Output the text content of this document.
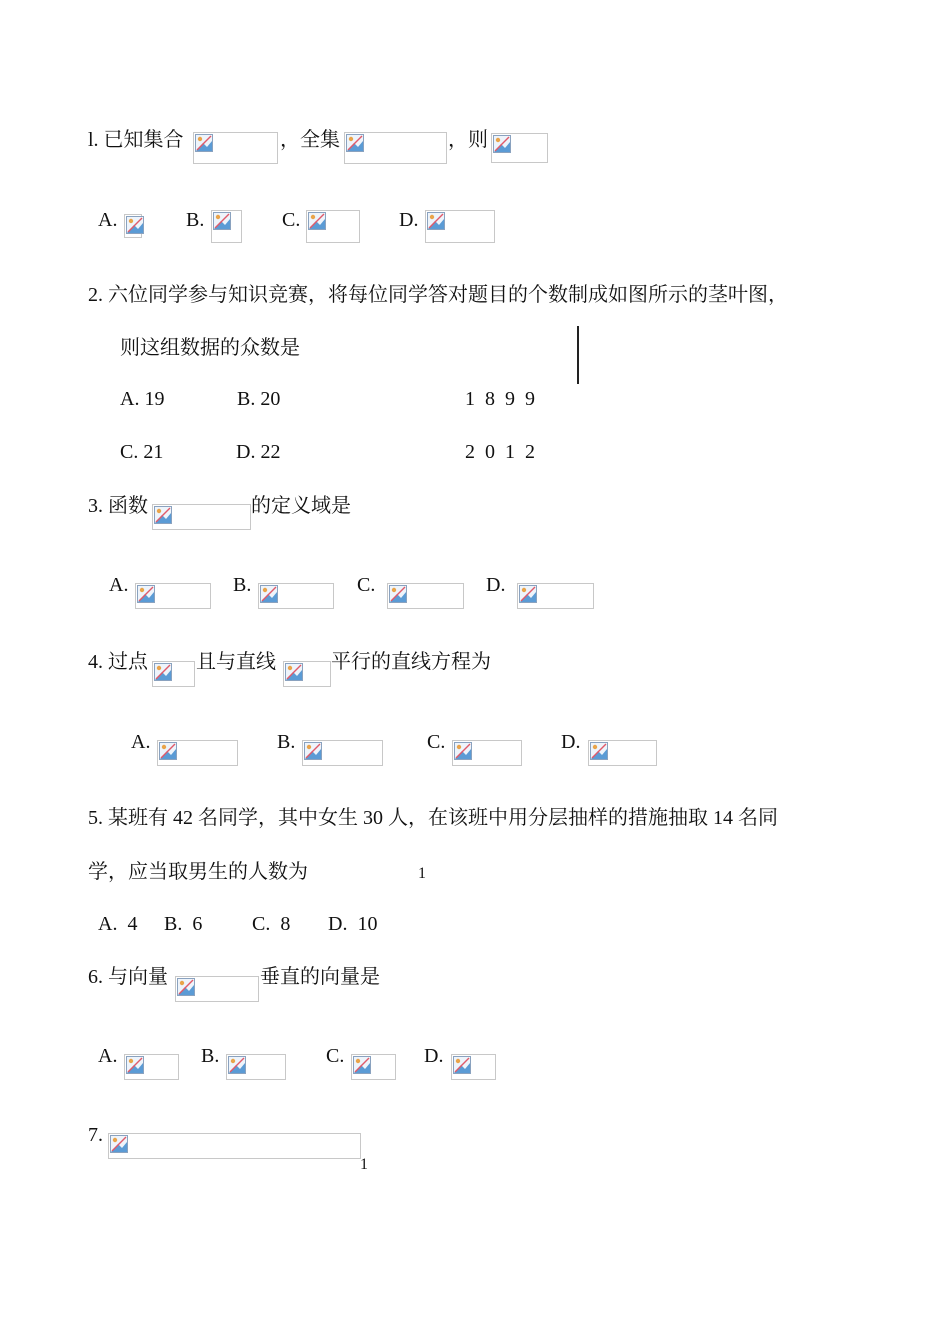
l. 已知集合	，全集	，则
A.	B.	C.	D.
2. 六位同学参与知识竞赛，将每位同学答对题目的个数制成如图所示的茎叶图，
则这组数据的众数是
A. 19	B. 20	1  8  9  9
C. 21	D. 22	2  0  1  2
3. 函数	的定义域是
A.	B.	C.	D.
4. 过点 且与直线	平行的直线方程为
A.	B.	C.	D.
5. 某班有 42 名同学，其中女生 30 人，在该班中用分层抽样的措施抽取 14 名同
学，应当取男生的人数为	1
A.  4 B.  6 C.  8 D.  10
6. 与向量	垂直的向量是
A.	B.	C.	D.
7.
1
